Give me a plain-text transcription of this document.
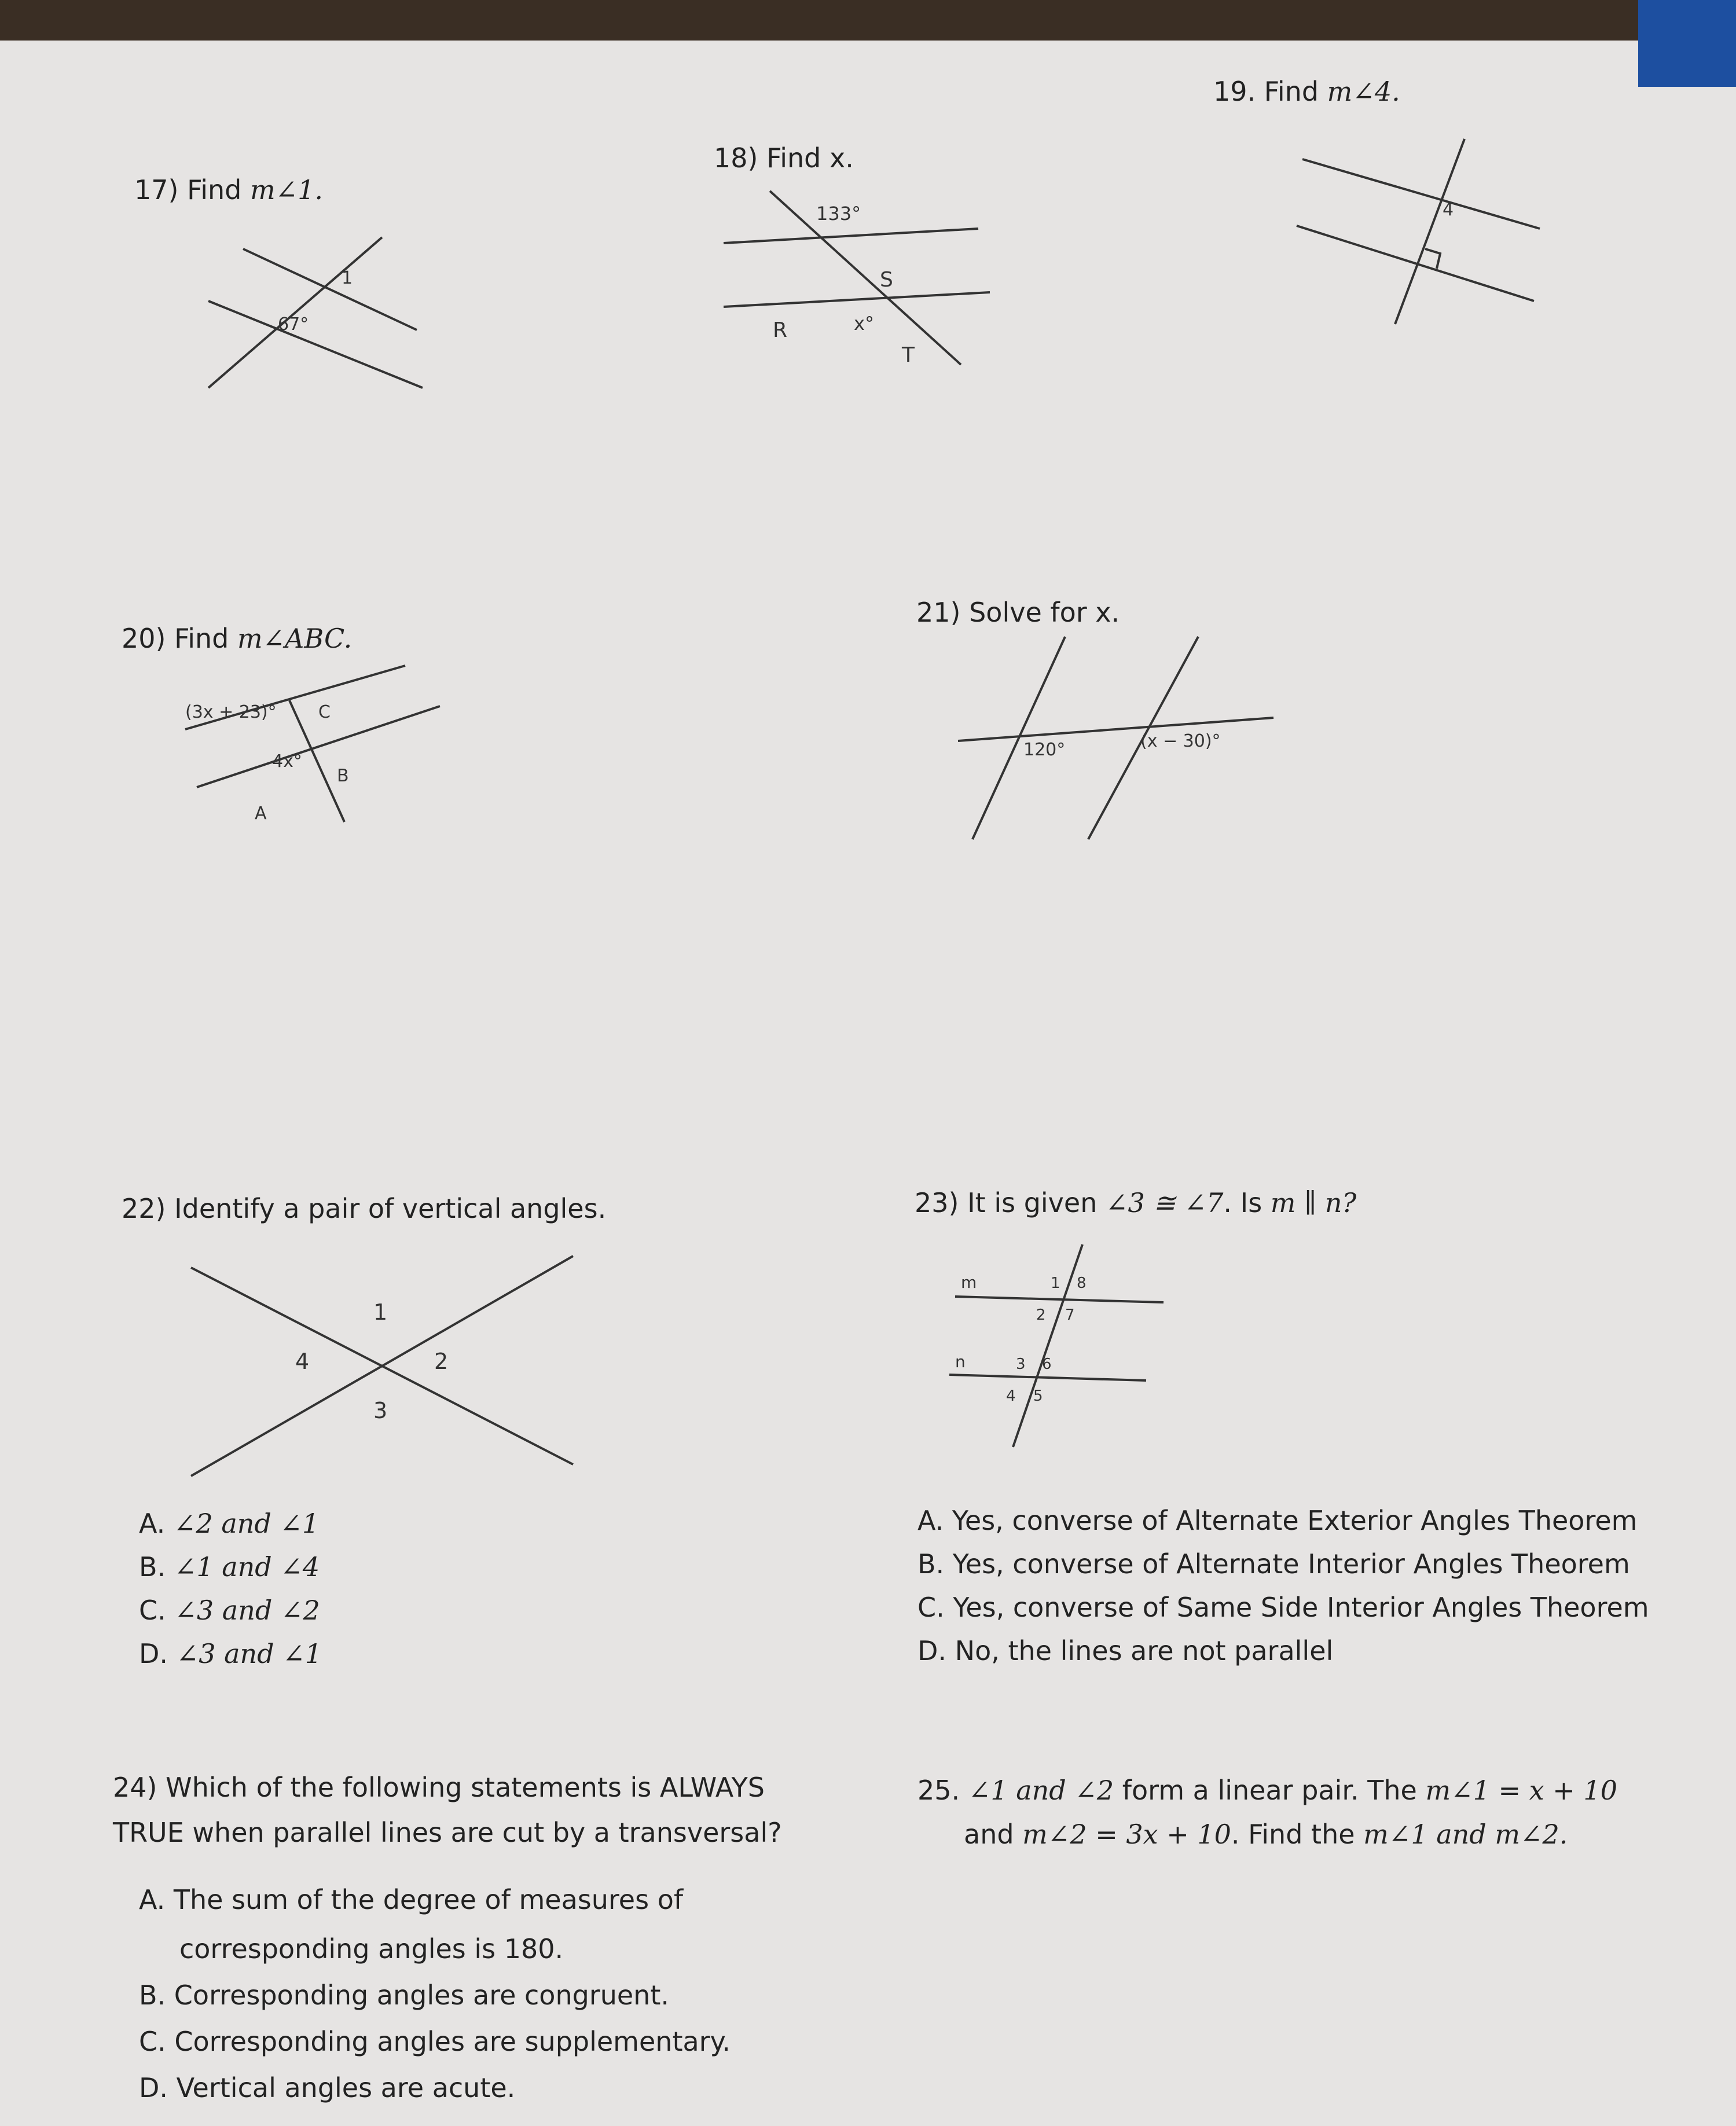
17) Find m∠1.
67°
1
18) Find x.
133°
S
R	x°
T
19. Find m∠4.
4
20) Find m∠ABC.
(3x + 23)° C
4x°
B
A
21) Solve for x.
120°	(x − 30)°
22) Identify a pair of vertical angles.
1
2
3
4
A. ∠2 and ∠1
B. ∠1 and ∠4
C. ∠3 and ∠2
D. ∠3 and ∠1
23) It is given ∠3 ≅ ∠7. Is m ∥ n?
m
n
1 8
2 7
3 6
4 5
A. Yes, converse of Alternate Exterior Angles Theorem
B. Yes, converse of Alternate Interior Angles Theorem
C. Yes, converse of Same Side Interior Angles Theorem
D. No, the lines are not parallel
24) Which of the following statements is ALWAYS
TRUE when parallel lines are cut by a transversal?
A. The sum of the degree of measures of
corresponding angles is 180.
B. Corresponding angles are congruent.
C. Corresponding angles are supplementary.
D. Vertical angles are acute.
25. ∠1 and ∠2 form a linear pair. The m∠1 = x + 10
and m∠2 = 3x + 10. Find the m∠1 and m∠2.
